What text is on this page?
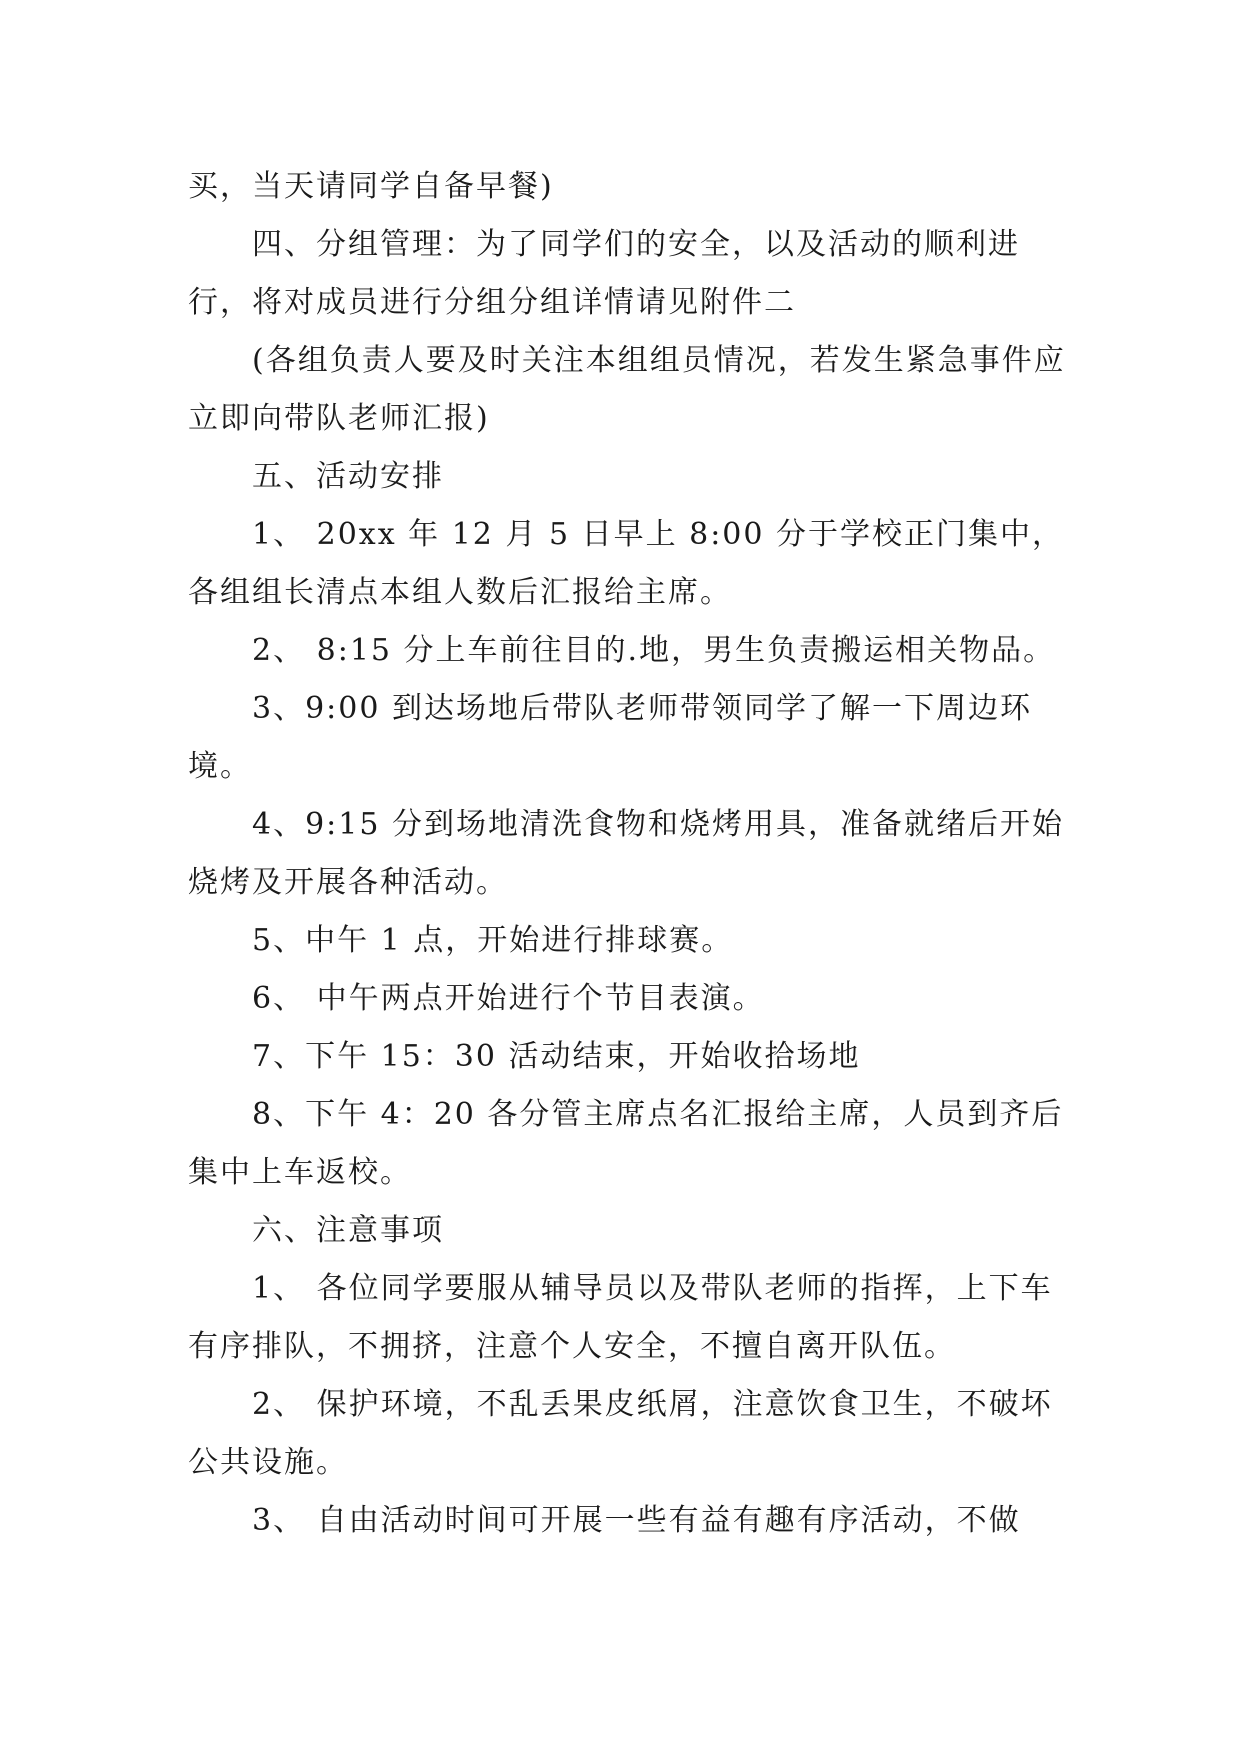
买，当天请同学自备早餐)

四、分组管理：为了同学们的安全，以及活动的顺利进行，将对成员进行分组分组详情请见附件二

(各组负责人要及时关注本组组员情况，若发生紧急事件应立即向带队老师汇报)

五、活动安排

1、 20xx 年 12 月 5 日早上 8:00 分于学校正门集中，各组组长清点本组人数后汇报给主席。

2、 8:15 分上车前往目的.地，男生负责搬运相关物品。

3、9:00 到达场地后带队老师带领同学了解一下周边环境。

4、9:15 分到场地清洗食物和烧烤用具，准备就绪后开始烧烤及开展各种活动。

5、中午 1 点，开始进行排球赛。

6、 中午两点开始进行个节目表演。

7、下午 15：30 活动结束，开始收拾场地

8、下午 4：20 各分管主席点名汇报给主席，人员到齐后集中上车返校。

六、注意事项

1、 各位同学要服从辅导员以及带队老师的指挥，上下车有序排队，不拥挤，注意个人安全，不擅自离开队伍。

2、 保护环境，不乱丢果皮纸屑，注意饮食卫生，不破坏公共设施。

3、 自由活动时间可开展一些有益有趣有序活动，不做
